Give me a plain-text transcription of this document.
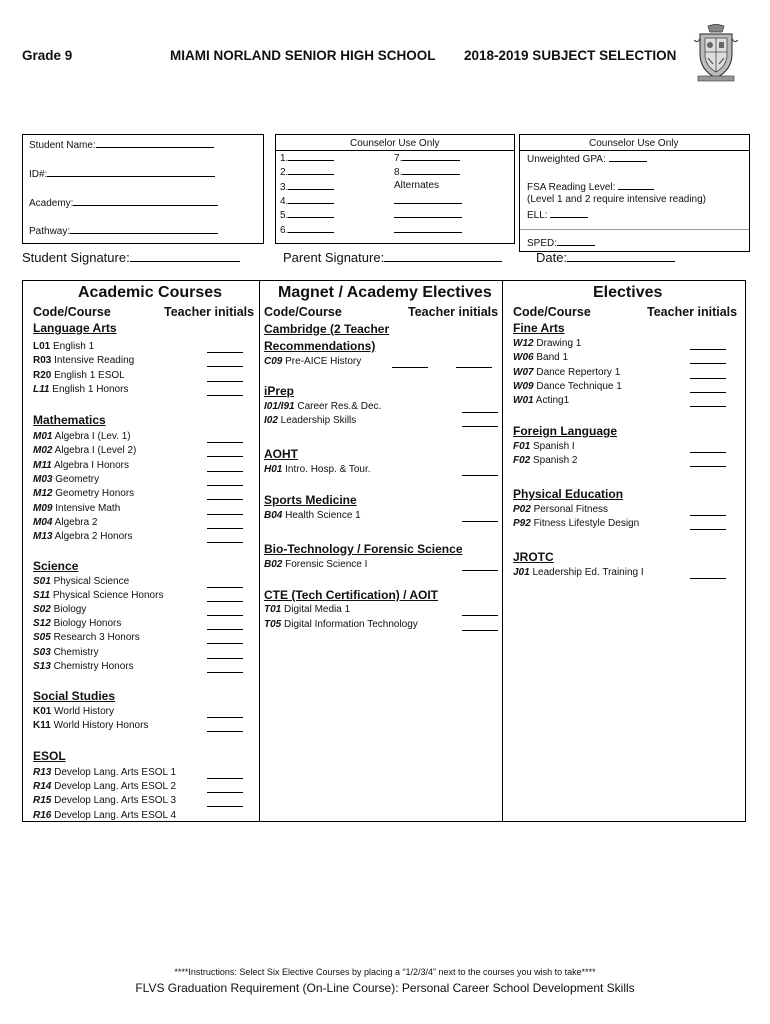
Grade 9	MIAMI NORLAND SENIOR HIGH SCHOOL 2018-2019 SUBJECT SELECTION
Student Name:
ID#:
Academy:
Pathway:
Counselor Use Only
1.
2.
3.
4.
5.
6.
7.
8.
Alternates
Counselor Use Only
Unweighted GPA:
FSA Reading Level:
(Level 1 and 2 require intensive reading)
ELL:
SPED:
Student Signature:	Parent Signature:	Date:
Academic Courses
Code/Course	Teacher initials
Language Arts
L01 English 1
R03 Intensive Reading
R20 English 1 ESOL
L11 English 1 Honors
Mathematics
M01 Algebra I (Lev. 1)
M02 Algebra I (Level 2)
M11 Algebra I Honors
M03 Geometry
M12 Geometry Honors
M09 Intensive Math
M04 Algebra 2
M13 Algebra 2 Honors
Science
S01 Physical Science
S11 Physical Science Honors
S02 Biology
S12 Biology Honors
S05 Research 3 Honors
S03 Chemistry
S13 Chemistry Honors
Social Studies
K01 World History
K11 World History Honors
ESOL
R13 Develop Lang. Arts ESOL 1
R14 Develop Lang. Arts ESOL 2
R15 Develop Lang. Arts ESOL 3
R16 Develop Lang. Arts ESOL 4
Magnet / Academy Electives
Code/Course	Teacher initials
Cambridge (2 Teacher Recommendations)
C09 Pre-AICE History
iPrep
I01/I91 Career Res.& Dec.
I02 Leadership Skills
AOHT
H01 Intro. Hosp. & Tour.
Sports Medicine
B04 Health Science 1
Bio-Technology / Forensic Science
B02 Forensic Science I
CTE (Tech Certification) / AOIT
T01 Digital Media 1
T05 Digital Information Technology
Electives
Code/Course	Teacher initials
Fine Arts
W12 Drawing 1
W06 Band 1
W07 Dance Repertory 1
W09 Dance Technique 1
W01 Acting1
Foreign Language
F01 Spanish I
F02 Spanish 2
Physical Education
P02 Personal Fitness
P92 Fitness Lifestyle Design
JROTC
J01 Leadership Ed. Training I
****Instructions: Select Six Elective Courses by placing a “1/2/3/4” next to the courses you wish to take****
FLVS Graduation Requirement (On-Line Course): Personal Career School Development Skills
